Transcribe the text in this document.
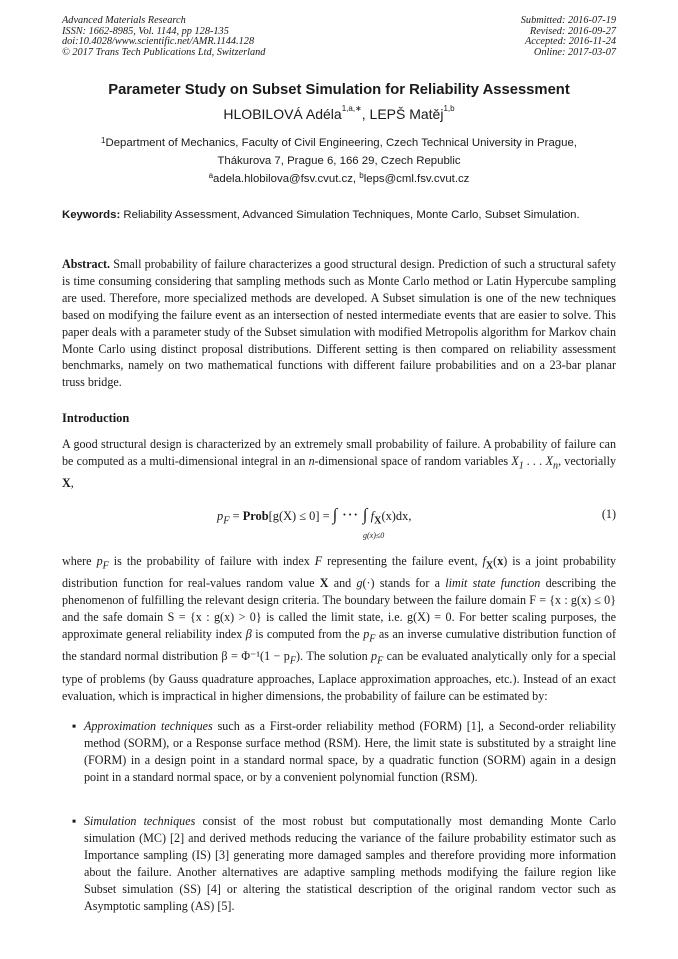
Advanced Materials Research
ISSN: 1662-8985, Vol. 1144, pp 128-135
doi:10.4028/www.scientific.net/AMR.1144.128
© 2017 Trans Tech Publications Ltd, Switzerland
Submitted: 2016-07-19
Revised: 2016-09-27
Accepted: 2016-11-24
Online: 2017-03-07
Parameter Study on Subset Simulation for Reliability Assessment
HLOBILOVÁ Adéla$^{1,a,∗}$, LEPŠ Matěj$^{1,b}$
$^1$Department of Mechanics, Faculty of Civil Engineering, Czech Technical University in Prague,
Thákurova 7, Prague 6, 166 29, Czech Republic
$^a$adela.hlobilova@fsv.cvut.cz, $^b$leps@cml.fsv.cvut.cz
Keywords: Reliability Assessment, Advanced Simulation Techniques, Monte Carlo, Subset Simulation.
Abstract. Small probability of failure characterizes a good structural design. Prediction of such a structural safety is time consuming considering that sampling methods such as Monte Carlo method or Latin Hypercube sampling are used. Therefore, more specialized methods are developed. A Subset simulation is one of the new techniques based on modifying the failure event as an intersection of nested intermediate events that are easier to solve. This paper deals with a parameter study of the Subset simulation with modified Metropolis algorithm for Markov chain Monte Carlo using distinct proposal distributions. Different setting is then compared on reliability assessment benchmarks, namely on two mathematical functions with different failure probabilities and on a 23-bar planar truss bridge.
Introduction
A good structural design is characterized by an extremely small probability of failure. A probability of failure can be computed as a multi-dimensional integral in an n-dimensional space of random variables $X_1$ . . . $X_n$, vectorially X,
$p_F$ = Prob[g(X) ≤ 0] = ∫ ··· ∫ $f_X(x)dx$,
g(x)≤0
(1)
where $p_F$ is the probability of failure with index F representing the failure event, $f_X(x)$ is a joint probability distribution function for real-values random value X and g(·) stands for a limit state function describing the phenomenon of fulfilling the relevant design criteria. The boundary between the failure domain F = {x : g(x) ≤ 0} and the safe domain S = {x : g(x) > 0} is called the limit state, i.e. g(X) = 0. For better scaling purposes, the approximate general reliability index β is computed from the $p_F$ as an inverse cumulative distribution function of the standard normal distribution $\beta = \Phi^{-1}(1 - p_F)$. The solution $p_F$ can be evaluated analytically only for a special type of problems (by Gauss quadrature approaches, Laplace approximation approaches, etc.). Instead of an exact evaluation, which is impractical in higher dimensions, the probability of failure can be estimated by:
▪ Approximation techniques such as a First-order reliability method (FORM) [1], a Second-order reliability method (SORM), or a Response surface method (RSM). Here, the limit state is substituted by a straight line (FORM) in a design point in a standard normal space, by a quadratic function (SORM) again in a design point in a standard normal space, or by a convenient polynomial function (RSM).
▪ Simulation techniques consist of the most robust but computationally most demanding Monte Carlo simulation (MC) [2] and derived methods reducing the variance of the failure probability estimator such as Importance sampling (IS) [3] generating more damaged samples and therefore providing more information about the failure. Another alternatives are adaptive sampling methods modifying the failure region like Subset simulation (SS) [4] or altering the statistical description of the original random vector such as Asymptotic sampling (AS) [5].
